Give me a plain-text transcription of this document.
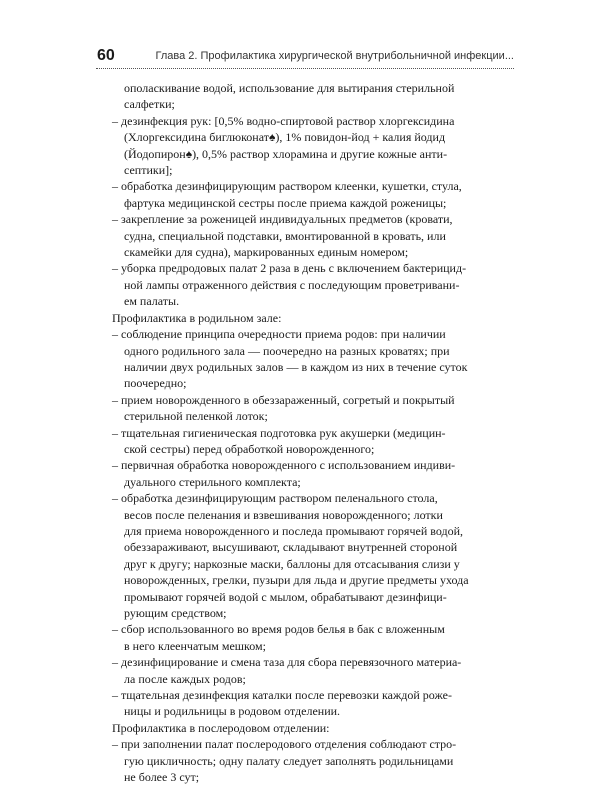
60	Глава 2. Профилактика хирургической внутрибольничной инфекции...
ополаскивание водой, использование для вытирания стерильной
салфетки;
– дезинфекция рук: [0,5% водно-спиртовой раствор хлоргексидина
(Хлоргексидина биглюконат♠), 1% повидон-йод + калия йодид
(Йодопирон♠), 0,5% раствор хлорамина и другие кожные анти-
септики];
– обработка дезинфицирующим раствором клеенки, кушетки, стула,
фартука медицинской сестры после приема каждой роженицы;
– закрепление за роженицей индивидуальных предметов (кровати,
судна, специальной подставки, вмонтированной в кровать, или
скамейки для судна), маркированных единым номером;
– уборка предродовых палат 2 раза в день с включением бактерицид-
ной лампы отраженного действия с последующим проветривани-
ем палаты.
Профилактика в родильном зале:
– соблюдение принципа очередности приема родов: при наличии
одного родильного зала — поочередно на разных кроватях; при
наличии двух родильных залов — в каждом из них в течение суток
поочередно;
– прием новорожденного в обеззараженный, согретый и покрытый
стерильной пеленкой лоток;
– тщательная гигиеническая подготовка рук акушерки (медицин-
ской сестры) перед обработкой новорожденного;
– первичная обработка новорожденного с использованием индиви-
дуального стерильного комплекта;
– обработка дезинфицирующим раствором пеленального стола,
весов после пеленания и взвешивания новорожденного; лотки
для приема новорожденного и последа промывают горячей водой,
обеззараживают, высушивают, складывают внутренней стороной
друг к другу; наркозные маски, баллоны для отсасывания слизи у
новорожденных, грелки, пузыри для льда и другие предметы ухода
промывают горячей водой с мылом, обрабатывают дезинфици-
рующим средством;
– сбор использованного во время родов белья в бак с вложенным
в него клеенчатым мешком;
– дезинфицирование и смена таза для сбора перевязочного материа-
ла после каждых родов;
– тщательная дезинфекция каталки после перевозки каждой роже-
ницы и родильницы в родовом отделении.
Профилактика в послеродовом отделении:
– при заполнении палат послеродового отделения соблюдают стро-
гую цикличность; одну палату следует заполнять родильницами
не более 3 сут;
